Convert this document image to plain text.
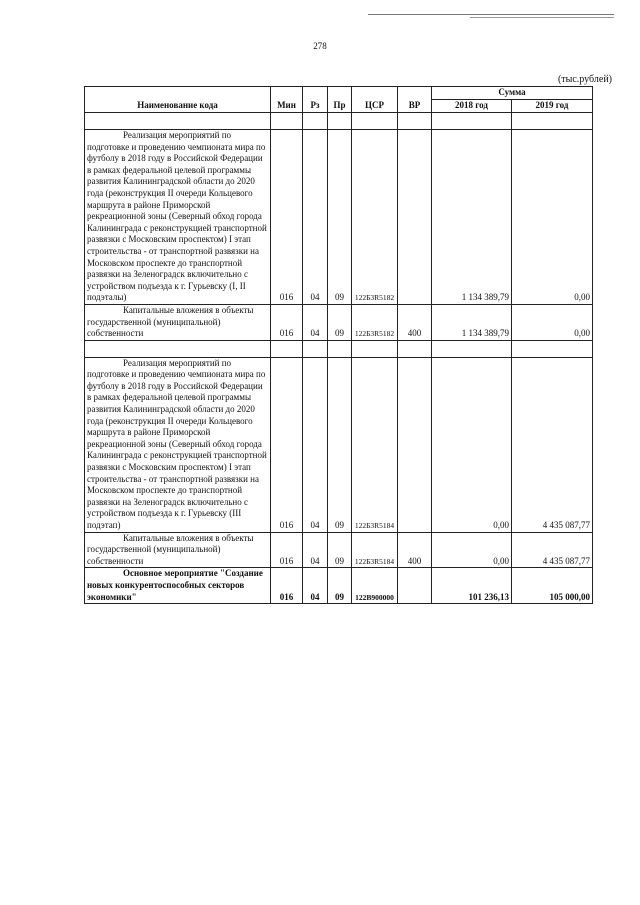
278
(тыс.рублей)
Наименование кода	Мин	Рз	Пр	ЦСР	ВР	Сумма	
						2018 год	2019 год

Реализация мероприятий по подготовке и проведению чемпионата мира по футболу в 2018 году в Российской Федерации в рамках федеральной целевой программы развития Калининградской области до 2020 года (реконструкция II очереди Кольцевого маршрута в районе Приморской рекреационной зоны (Северный обход города Калининграда с реконструкцией транспортной развязки с Московским проспектом) I этап строительства - от транспортной развязки на Московском проспекте до транспортной развязки на Зеленоградск включительно с устройством подъезда к г. Гурьевску (I, II подэталы)	016	04	09	122Б3R5182		1 134 389,79	0,00

Капитальные вложения в объекты государственной (муниципальной) собственности	016	04	09	122Б3R5182	400	1 134 389,79	0,00

Реализация мероприятий по подготовке и проведению чемпионата мира по футболу в 2018 году в Российской Федерации в рамках федеральной целевой программы развития Калининградской области до 2020 года (реконструкция II очереди Кольцевого маршрута в районе Приморской рекреационной зоны (Северный обход города Калининграда с реконструкцией транспортной развязки с Московским проспектом) I этап строительства - от транспортной развязки на Московском проспекте до транспортной развязки на Зеленоградск включительно с устройством подъезда к г. Гурьевску (III подэтап)	016	04	09	122Б3R5184		0,00	4 435 087,77

Капитальные вложения в объекты государственной (муниципальной) собственности	016	04	09	122Б3R5184	400	0,00	4 435 087,77

Основное мероприятие "Создание новых конкурентоспособных секторов экономики"	016	04	09	122В900000		101 236,13	105 000,00
